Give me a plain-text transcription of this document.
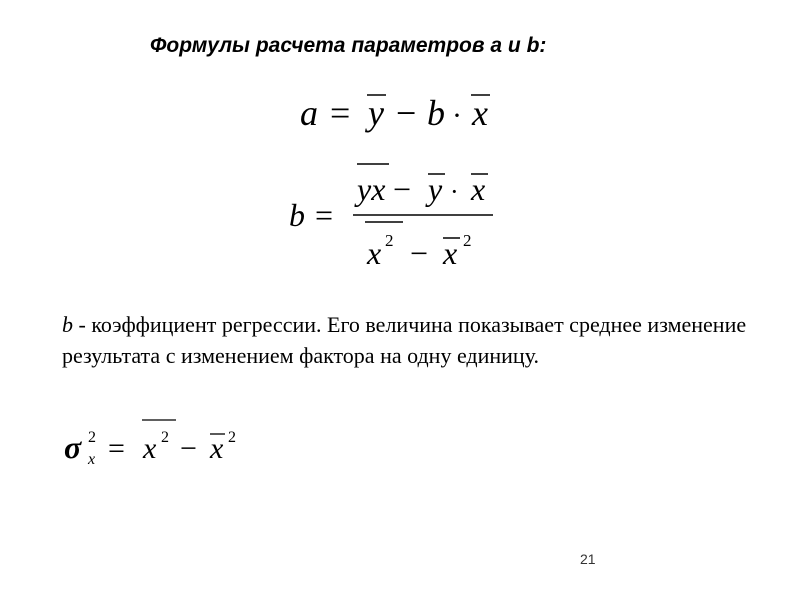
Формулы расчета параметров a и b:
a = y − b · x
b =
yx − y · x
x 2 − x 2
b - коэффициент регрессии. Его величина показывает среднее изменение результата с изменением фактора на одну единицу.
σ 2
x = x 2 − x 2
21
